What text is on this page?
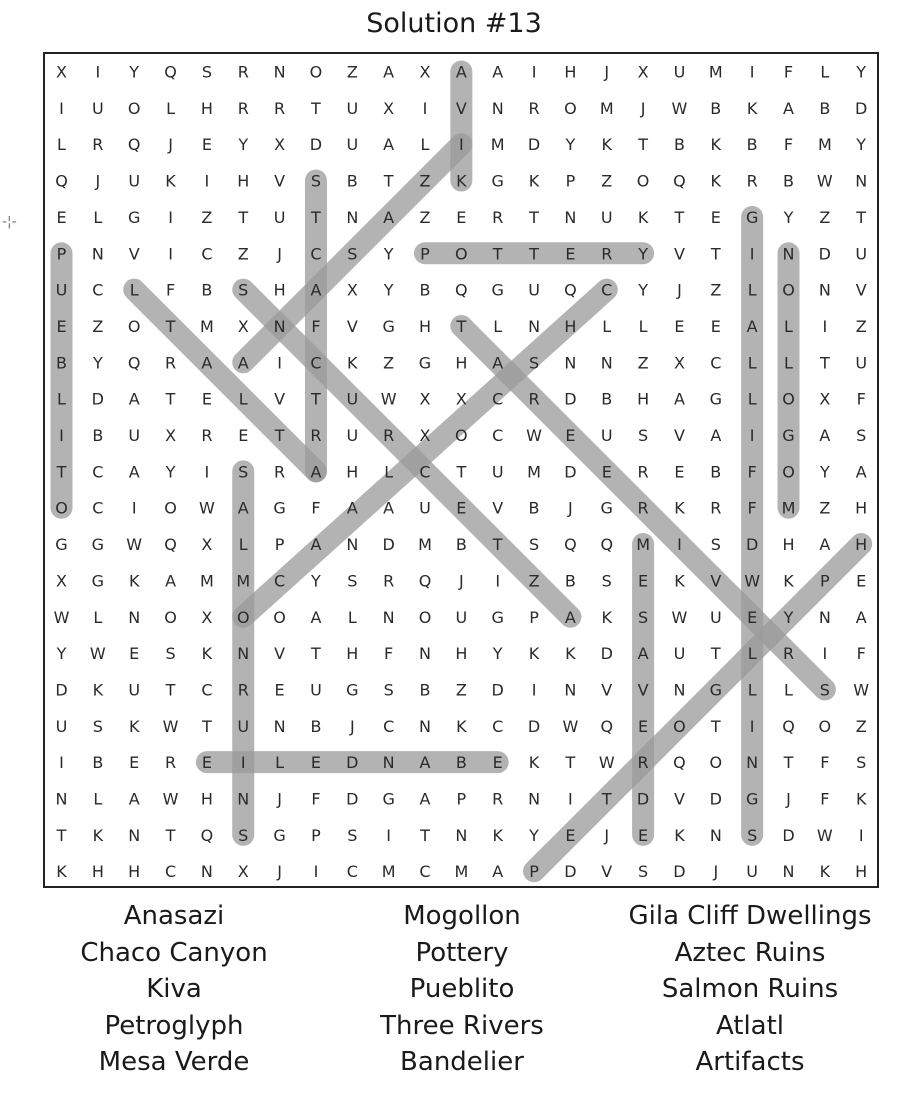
Solution #13
-¦-
X I Y Q S R N O Z A X A A I H J X U M I F L Y
I U O L H R R T U X I V N R O M J W B K A B D
L R Q J E Y X D U A L I M D Y K T B K B F M Y
Q J U K I H V S B T Z K G K P Z O Q K R B W N
E L G I Z T U T N A Z E R T N U K T E G Y Z T
P N V I C Z J C S Y P O T T E R Y V T I N D U
U C L F B S H A X Y B Q G U Q C Y J Z L O N V
E Z O T M X N F V G H T L N H L L E E A L I Z
B Y Q R A A I C K Z G H A S N N Z X C L L T U
L D A T E L V T U W X X C R D B H A G L O X F
I B U X R E T R U R X O C W E U S V A I G A S
T C A Y I S R A H L C T U M D E R E B F O Y A
O C I O W A G F A A U E V B J G R K R F M Z H
G G W Q X L P A N D M B T S Q Q M I S D H A H
X G K A M M C Y S R Q J I Z B S E K V W K P E
W L N O X O O A L N O U G P A K S W U E Y N A
Y W E S K N V T H F N H Y K K D A U T L R I F
D K U T C R E U G S B Z D I N V V N G L L S W
U S K W T U N B J C N K C D W Q E O T I Q O Z
I B E R E I L E D N A B E K T W R Q O N T F S
N L A W H N J F D G A P R N I T D V D G J F K
T K N T Q S G P S I T N K Y E J E K N S D W I
K H H C N X J I C M C M A P D V S D J U N K H
Anasazi
Chaco Canyon
Kiva
Petroglyph
Mesa Verde
Mogollon
Pottery
Pueblito
Three Rivers
Bandelier
Gila Cliff Dwellings
Aztec Ruins
Salmon Ruins
Atlatl
Artifacts
